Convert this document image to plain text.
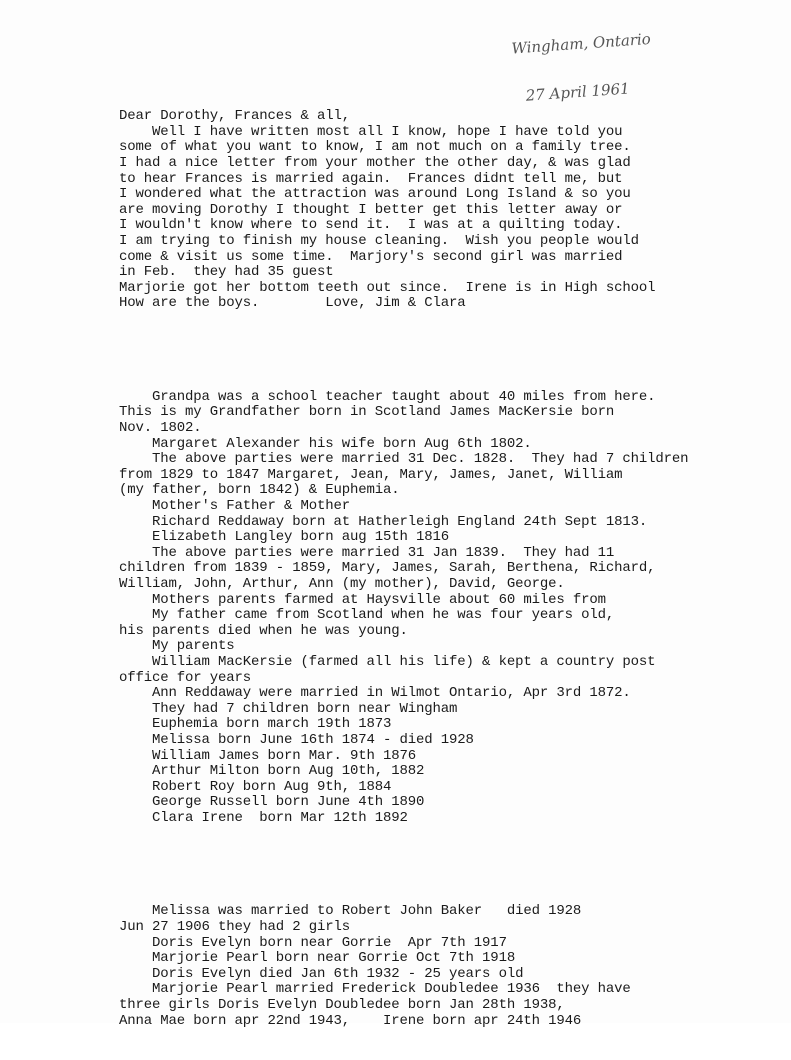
Wingham, Ontario

27 April 1961

Dear Dorothy, Frances & all,
Well I have written most all I know, hope I have told you
some of what you want to know, I am not much on a family tree.
I had a nice letter from your mother the other day, & was glad
to hear Frances is married again.  Frances didnt tell me, but
I wondered what the attraction was around Long Island & so you
are moving Dorothy I thought I better get this letter away or
I wouldn't know where to send it.  I was at a quilting today.
I am trying to finish my house cleaning.  Wish you people would
come & visit us some time.  Marjory's second girl was married
in Feb.  they had 35 guest
Marjorie got her bottom teeth out since.  Irene is in High school
How are the boys.        Love, Jim & Clara

Grandpa was a school teacher taught about 40 miles from here.
This is my Grandfather born in Scotland James MacKersie born
Nov. 1802.
Margaret Alexander his wife born Aug 6th 1802.
The above parties were married 31 Dec. 1828.  They had 7 children
from 1829 to 1847 Margaret, Jean, Mary, James, Janet, William
(my father, born 1842) & Euphemia.
Mother's Father & Mother
Richard Reddaway born at Hatherleigh England 24th Sept 1813.
Elizabeth Langley born aug 15th 1816
The above parties were married 31 Jan 1839.  They had 11
children from 1839 - 1859, Mary, James, Sarah, Berthena, Richard,
William, John, Arthur, Ann (my mother), David, George.
Mothers parents farmed at Haysville about 60 miles from
My father came from Scotland when he was four years old,
his parents died when he was young.
My parents
William MacKersie (farmed all his life) & kept a country post
office for years
Ann Reddaway were married in Wilmot Ontario, Apr 3rd 1872.
They had 7 children born near Wingham
Euphemia born march 19th 1873
Melissa born June 16th 1874 - died 1928
William James born Mar. 9th 1876
Arthur Milton born Aug 10th, 1882
Robert Roy born Aug 9th, 1884
George Russell born June 4th 1890
Clara Irene  born Mar 12th 1892

Melissa was married to Robert John Baker   died 1928
Jun 27 1906 they had 2 girls
Doris Evelyn born near Gorrie  Apr 7th 1917
Marjorie Pearl born near Gorrie Oct 7th 1918
Doris Evelyn died Jan 6th 1932 - 25 years old
Marjorie Pearl married Frederick Doubledee 1936  they have
three girls Doris Evelyn Doubledee born Jan 28th 1938,
Anna Mae born apr 22nd 1943,    Irene born apr 24th 1946
